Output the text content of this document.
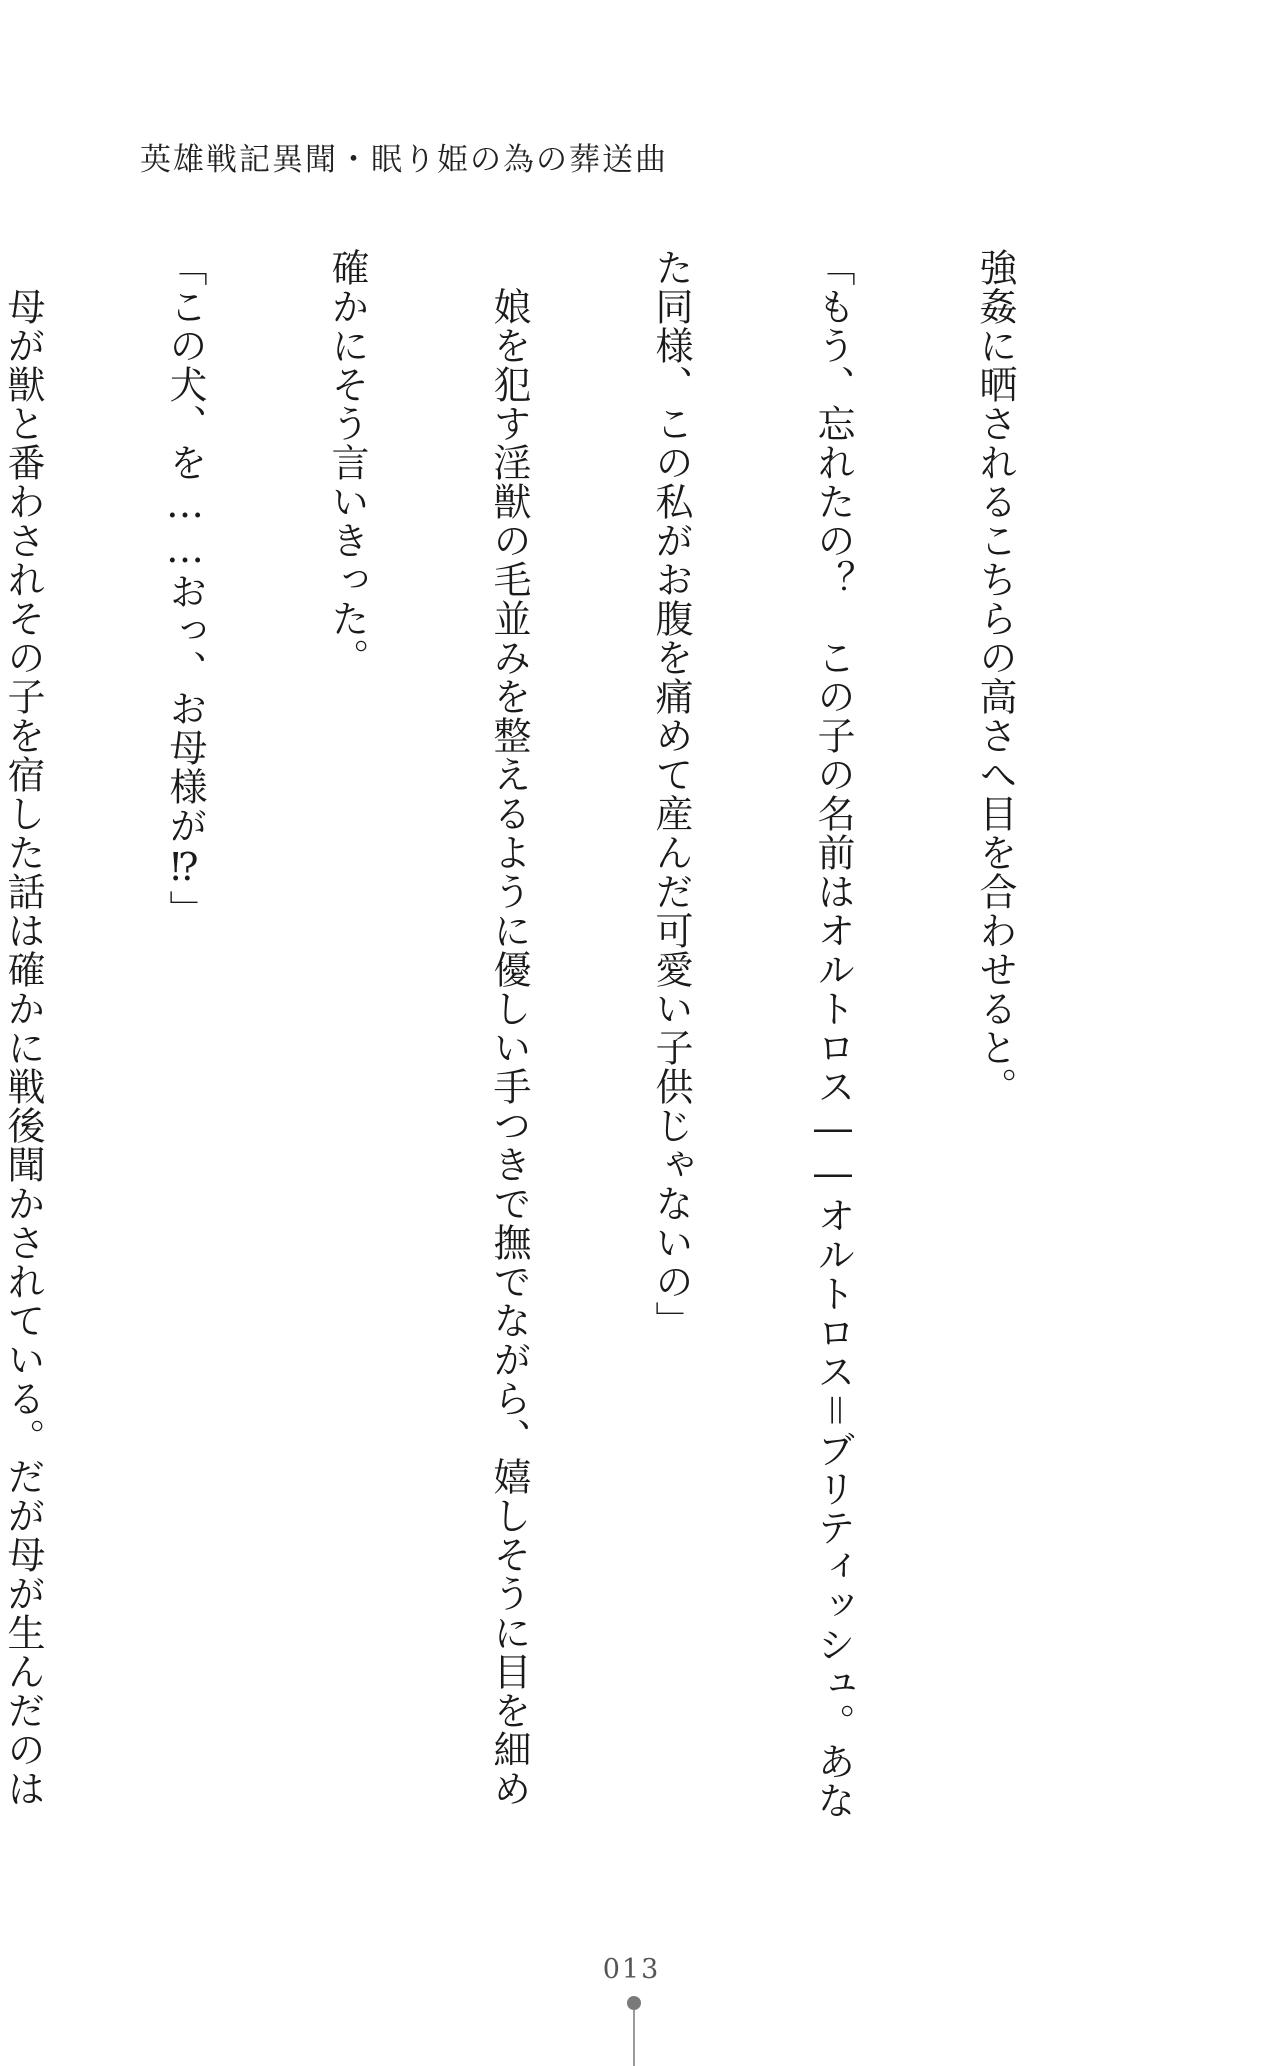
英雄戦記異聞・眠り姫の為の葬送曲

強姦に晒されるこちらの高さへ目を合わせると。

「もう、忘れたの？　この子の名前はオルトロス――オルトロス＝ブリティッシュ。あな

た同様、この私がお腹を痛めて産んだ可愛い子供じゃないの」

　娘を犯す淫獣の毛並みを整えるように優しい手つきで撫でながら、嬉しそうに目を細め

確かにそう言いきった。

「この犬、を……おっ、お母様が⁉」

　母が獣と番わされその子を宿した話は確かに戦後聞かされている。だが母が生んだのは

013
